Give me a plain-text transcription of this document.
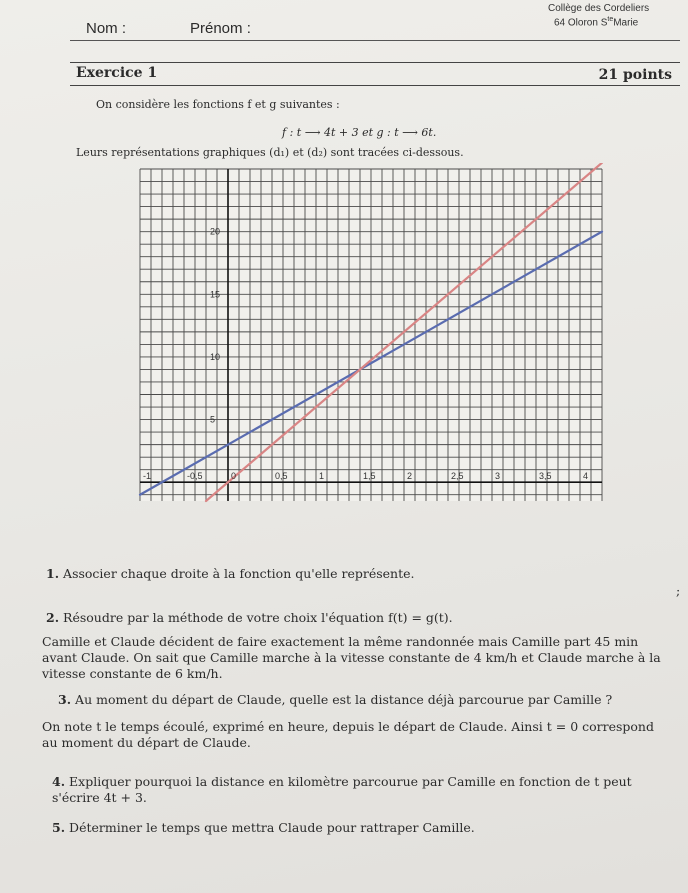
Collège des Cordeliers
64 Oloron $S^{te}Marie$
Nom :	Prénom :
Exercice 1	21 points
On considère les fonctions f et g suivantes :
f : t ⟶ 4t + 3 et g : t ⟶ 6t.
Leurs représentations graphiques (d₁) et (d₂) sont tracées ci-dessous.
-1	-0,5	0	0,5	1	1,5	2	2,5	3	3,5	4
5
10
15
20
1. Associer chaque droite à la fonction qu'elle représente.
;
2. Résoudre par la méthode de votre choix l'équation f(t) = g(t).
Camille et Claude décident de faire exactement la même randonnée mais Camille part 45 min avant Claude. On sait que Camille marche à la vitesse constante de 4 km/h et Claude marche à la vitesse constante de 6 km/h.
3. Au moment du départ de Claude, quelle est la distance déjà parcourue par Camille ?
On note t le temps écoulé, exprimé en heure, depuis le départ de Claude. Ainsi t = 0 correspond au moment du départ de Claude.
4. Expliquer pourquoi la distance en kilomètre parcourue par Camille en fonction de t peut s'écrire 4t + 3.
5. Déterminer le temps que mettra Claude pour rattraper Camille.
